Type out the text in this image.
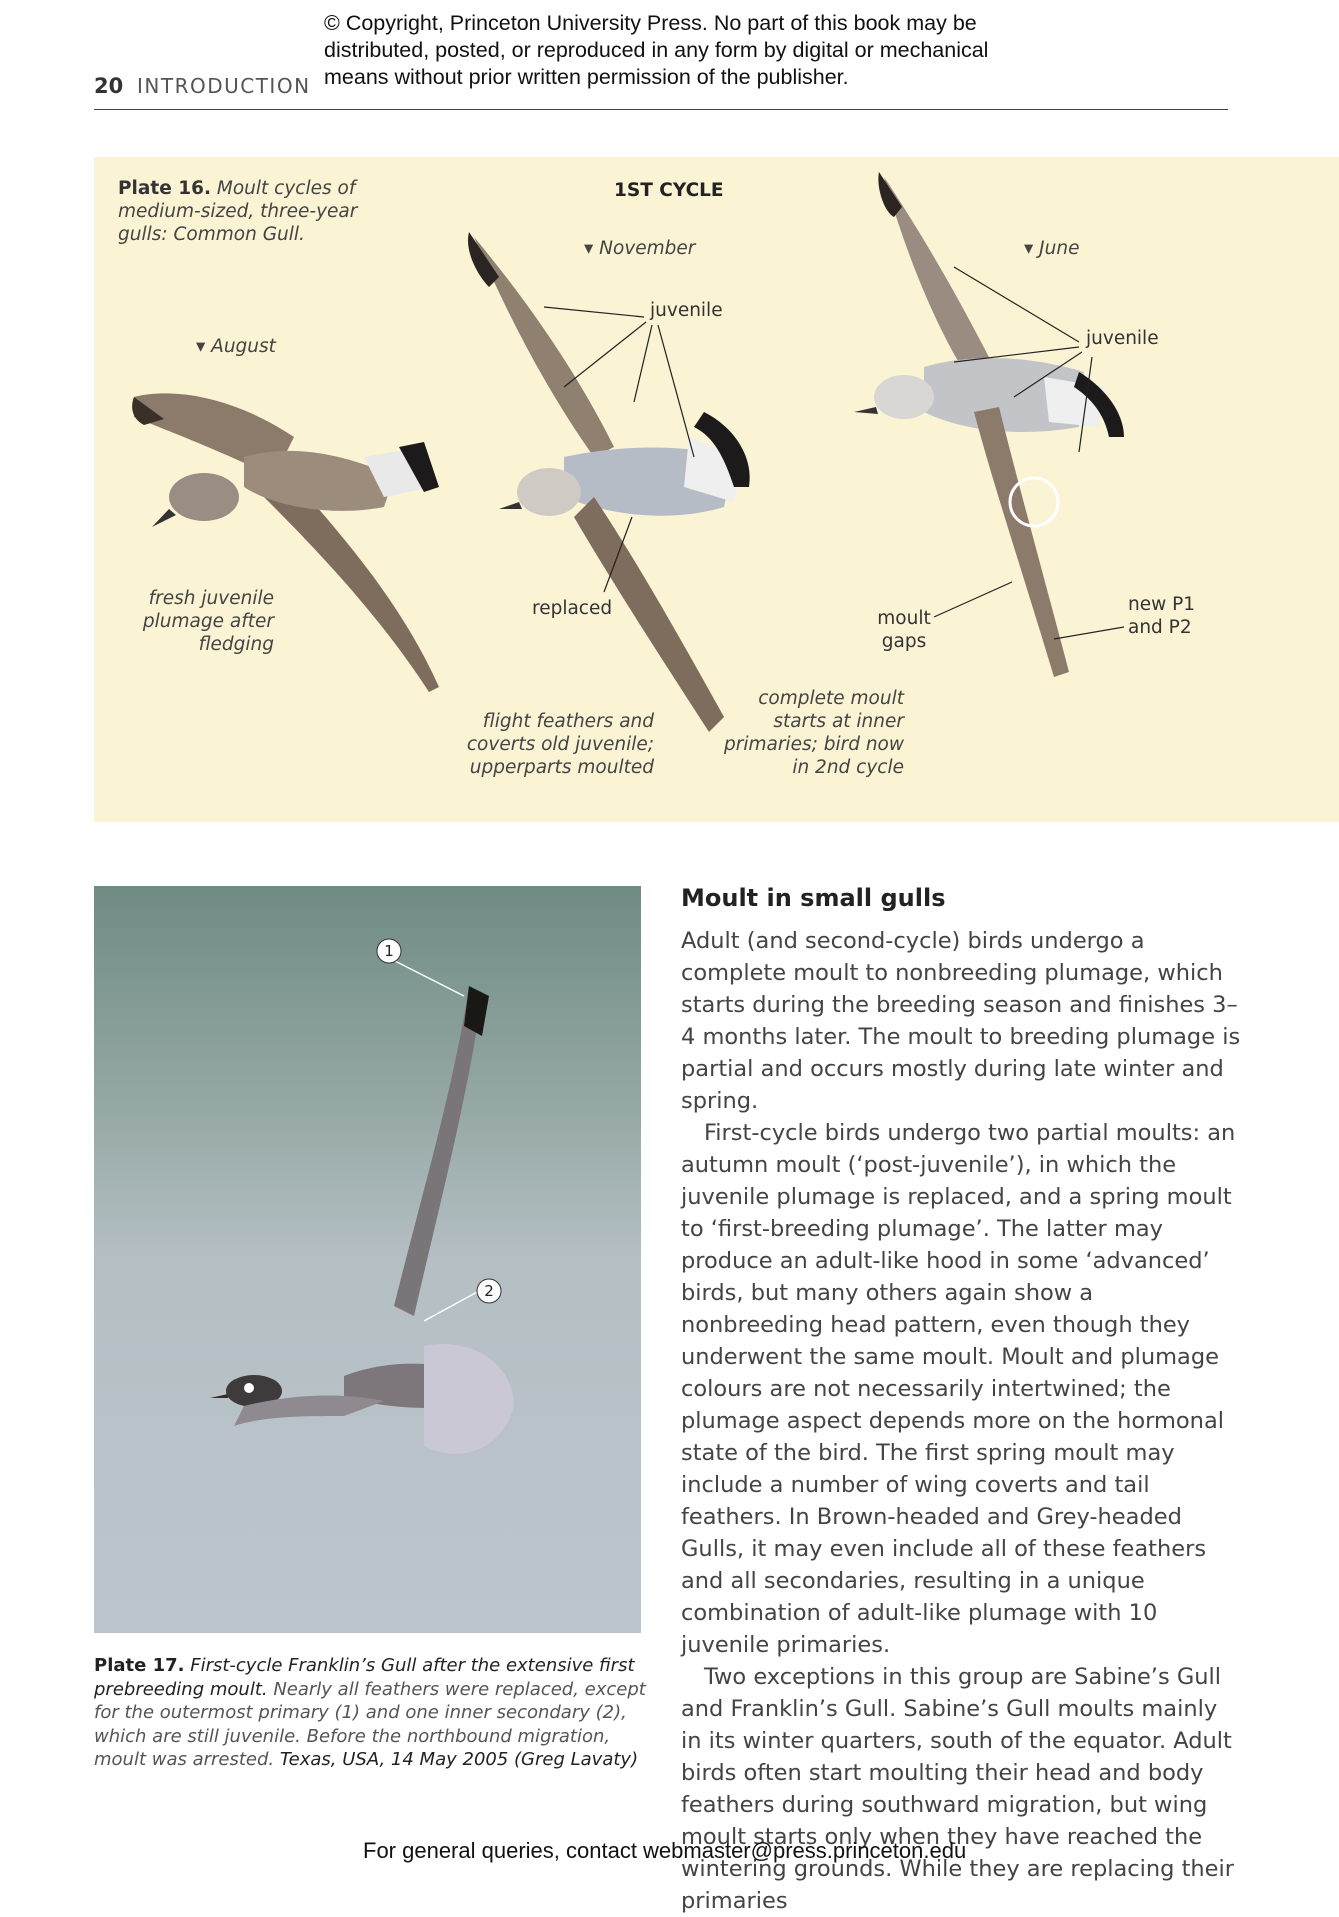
© Copyright, Princeton University Press. No part of this book may be
distributed, posted, or reproduced in any form by digital or mechanical
means without prior written permission of the publisher.
20 INTRODUCTION
Plate 16. Moult cycles of
medium-sized, three-year
gulls: Common Gull.
1ST CYCLE
▾ August
▾ November	▾ June
juvenile
juvenile
replaced	moult
gaps
new P1
and P2
fresh juvenile
plumage after
fledging
flight feathers and
coverts old juvenile;
upperparts moulted
complete moult
starts at inner
primaries; bird now
in 2nd cycle
1
2
Plate 17. First-cycle Franklin’s Gull after the extensive first prebreeding moult. Nearly all feathers were replaced, except for the outermost primary (1) and one inner secondary (2), which are still juvenile. Before the northbound migration, moult was arrested. Texas, USA, 14 May 2005 (Greg Lavaty)
Moult in small gulls

Adult (and second-cycle) birds undergo a complete moult to nonbreeding plumage, which starts during the breeding season and finishes 3–4 months later. The moult to breeding plumage is partial and occurs mostly during late winter and spring.

First-cycle birds undergo two partial moults: an autumn moult (‘post-juvenile’), in which the juvenile plumage is replaced, and a spring moult to ‘first-breeding plumage’. The latter may produce an adult-like hood in some ‘advanced’ birds, but many others again show a nonbreeding head pattern, even though they underwent the same moult. Moult and plumage colours are not necessarily intertwined; the plumage aspect depends more on the hormonal state of the bird. The first spring moult may include a number of wing coverts and tail feathers. In Brown-headed and Grey-headed Gulls, it may even include all of these feathers and all secondaries, resulting in a unique combination of adult-like plumage with 10 juvenile primaries.

Two exceptions in this group are Sabine’s Gull and Franklin’s Gull. Sabine’s Gull moults mainly in its winter quarters, south of the equator. Adult birds often start moulting their head and body feathers during southward migration, but wing moult starts only when they have reached the wintering grounds. While they are replacing their primaries

For general queries, contact webmaster@press.princeton.edu
